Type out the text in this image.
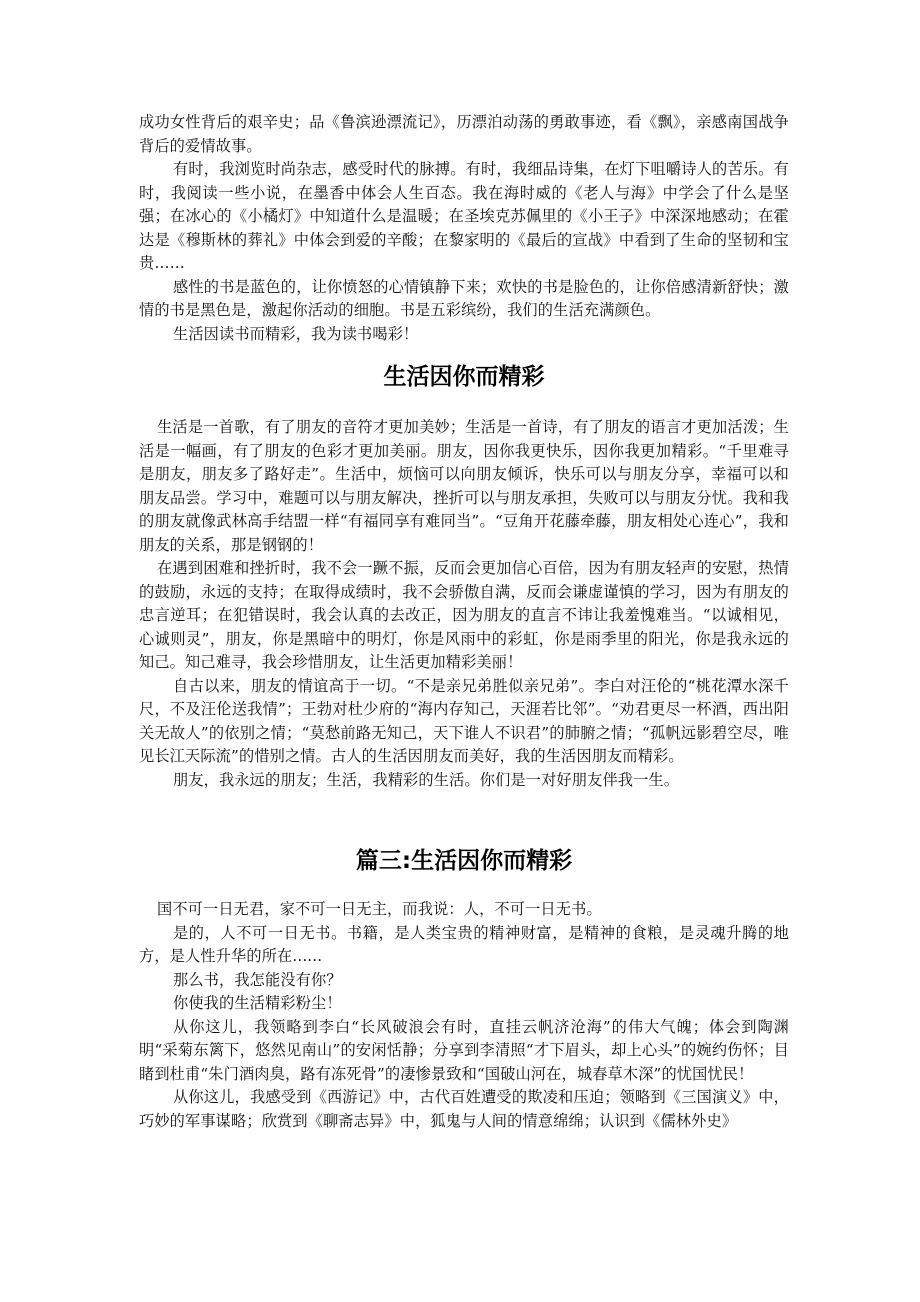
成功女性背后的艰辛史；品《鲁滨逊漂流记》，历漂泊动荡的勇敢事迹，看《飘》，亲感南国战争背后的爱情故事。

有时，我浏览时尚杂志，感受时代的脉搏。有时，我细品诗集，在灯下咀嚼诗人的苦乐。有时，我阅读一些小说，在墨香中体会人生百态。我在海时威的《老人与海》中学会了什么是坚强；在冰心的《小橘灯》中知道什么是温暖；在圣埃克苏佩里的《小王子》中深深地感动；在霍达是《穆斯林的葬礼》中体会到爱的辛酸；在黎家明的《最后的宣战》中看到了生命的坚韧和宝贵……

感性的书是蓝色的，让你愤怒的心情镇静下来；欢快的书是脸色的，让你倍感清新舒快；激情的书是黑色是，激起你活动的细胞。书是五彩缤纷，我们的生活充满颜色。

生活因读书而精彩，我为读书喝彩！

生活因你而精彩

生活是一首歌，有了朋友的音符才更加美妙；生活是一首诗，有了朋友的语言才更加活泼；生活是一幅画，有了朋友的色彩才更加美丽。朋友，因你我更快乐，因你我更加精彩。“千里难寻是朋友，朋友多了路好走”。生活中，烦恼可以向朋友倾诉，快乐可以与朋友分享，幸福可以和朋友品尝。学习中，难题可以与朋友解决，挫折可以与朋友承担，失败可以与朋友分忧。我和我的朋友就像武林高手结盟一样“有福同享有难同当”。“豆角开花藤牵藤，朋友相处心连心”，我和朋友的关系，那是钢钢的！

在遇到困难和挫折时，我不会一蹶不振，反而会更加信心百倍，因为有朋友轻声的安慰，热情的鼓励，永远的支持；在取得成绩时，我不会骄傲自满，反而会谦虚谨慎的学习，因为有朋友的忠言逆耳；在犯错误时，我会认真的去改正，因为朋友的直言不讳让我羞愧难当。“以诚相见，心诚则灵”，朋友，你是黑暗中的明灯，你是风雨中的彩虹，你是雨季里的阳光，你是我永远的知己。知己难寻，我会珍惜朋友，让生活更加精彩美丽！

自古以来，朋友的情谊高于一切。“不是亲兄弟胜似亲兄弟”。李白对汪伦的“桃花潭水深千尺，不及汪伦送我情”；王勃对杜少府的“海内存知己，天涯若比邻”。“劝君更尽一杯酒，西出阳关无故人”的依别之情；“莫愁前路无知己，天下谁人不识君”的肺腑之情；“孤帆远影碧空尽，唯见长江天际流”的惜别之情。古人的生活因朋友而美好，我的生活因朋友而精彩。

朋友，我永远的朋友；生活，我精彩的生活。你们是一对好朋友伴我一生。

篇三:生活因你而精彩

国不可一日无君，家不可一日无主，而我说：人，不可一日无书。

是的，人不可一日无书。书籍，是人类宝贵的精神财富，是精神的食粮，是灵魂升腾的地方，是人性升华的所在......

那么书，我怎能没有你？

你使我的生活精彩粉尘！

从你这儿，我领略到李白“长风破浪会有时，直挂云帆济沧海”的伟大气魄；体会到陶渊明“采菊东篱下，悠然见南山”的安闲恬静；分享到李清照“才下眉头，却上心头”的婉约伤怀；目睹到杜甫“朱门酒肉臭，路有冻死骨”的凄惨景致和“国破山河在，城春草木深”的忧国忧民！

从你这儿，我感受到《西游记》中，古代百姓遭受的欺凌和压迫；领略到《三国演义》中，巧妙的军事谋略；欣赏到《聊斋志异》中，狐鬼与人间的情意绵绵；认识到《儒林外史》
